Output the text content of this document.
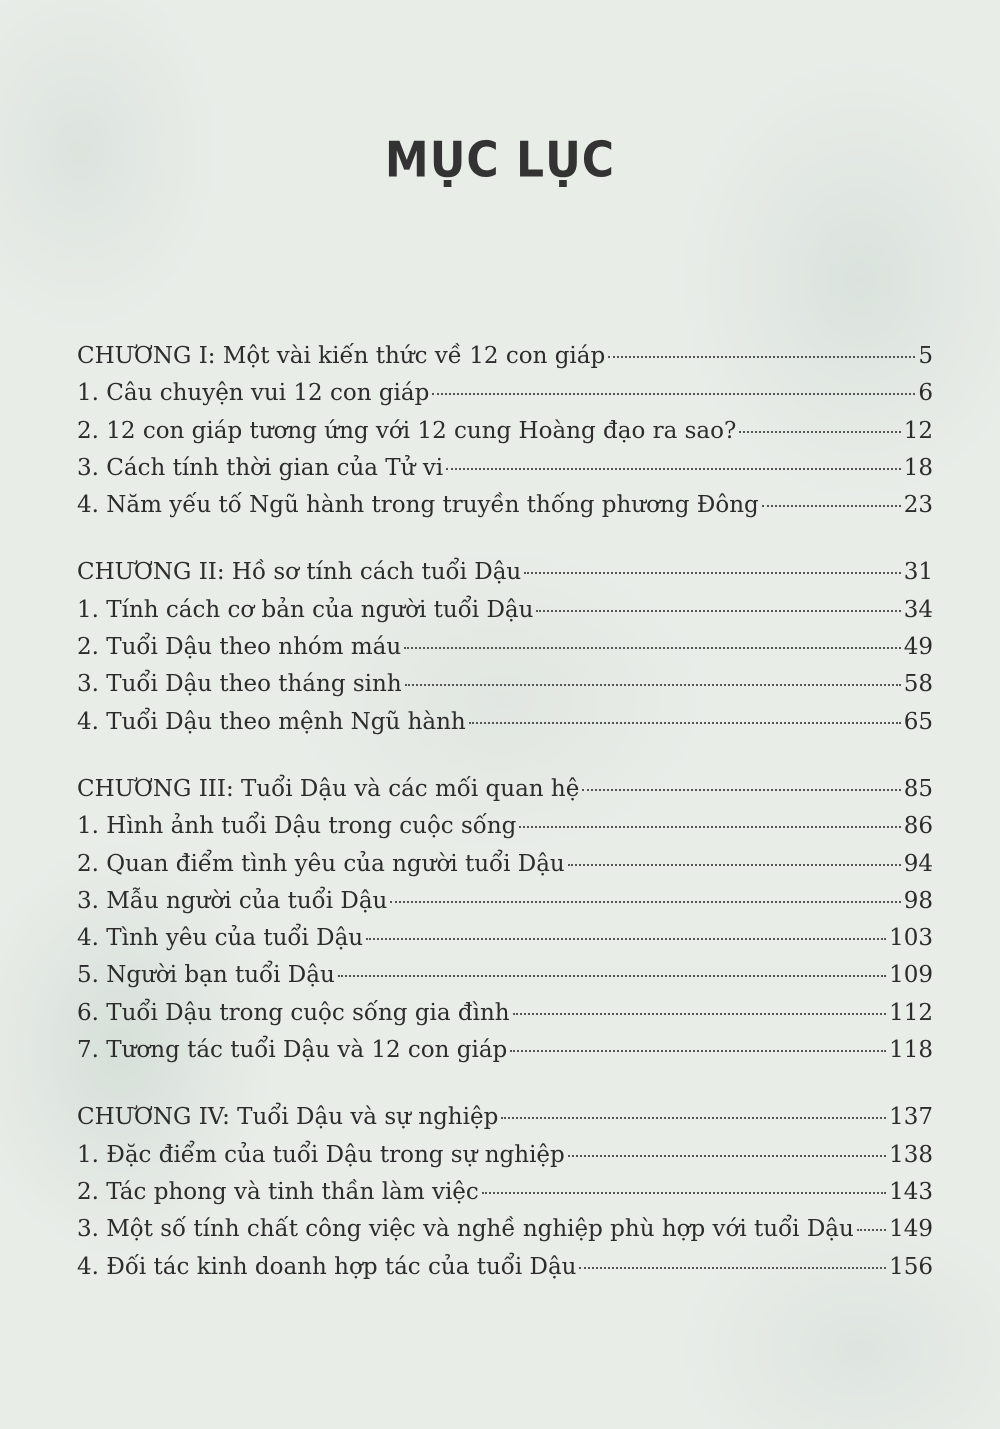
MỤC LỤC
CHƯƠNG I: Một vài kiến thức về 12 con giáp	5
1. Câu chuyện vui 12 con giáp	6
2. 12 con giáp tương ứng với 12 cung Hoàng đạo ra sao?	12
3. Cách tính thời gian của Tử vi	18
4. Năm yếu tố Ngũ hành trong truyền thống phương Đông	23
CHƯƠNG II: Hồ sơ tính cách tuổi Dậu	31
1. Tính cách cơ bản của người tuổi Dậu	34
2. Tuổi Dậu theo nhóm máu	49
3. Tuổi Dậu theo tháng sinh	58
4. Tuổi Dậu theo mệnh Ngũ hành	65
CHƯƠNG III: Tuổi Dậu và các mối quan hệ	85
1. Hình ảnh tuổi Dậu trong cuộc sống	86
2. Quan điểm tình yêu của người tuổi Dậu	94
3. Mẫu người của tuổi Dậu	98
4. Tình yêu của tuổi Dậu	103
5. Người bạn tuổi Dậu	109
6. Tuổi Dậu trong cuộc sống gia đình	112
7. Tương tác tuổi Dậu và 12 con giáp	118
CHƯƠNG IV: Tuổi Dậu và sự nghiệp	137
1. Đặc điểm của tuổi Dậu trong sự nghiệp	138
2. Tác phong và tinh thần làm việc	143
3. Một số tính chất công việc và nghề nghiệp phù hợp với tuổi Dậu 149
4. Đối tác kinh doanh hợp tác của tuổi Dậu	156
